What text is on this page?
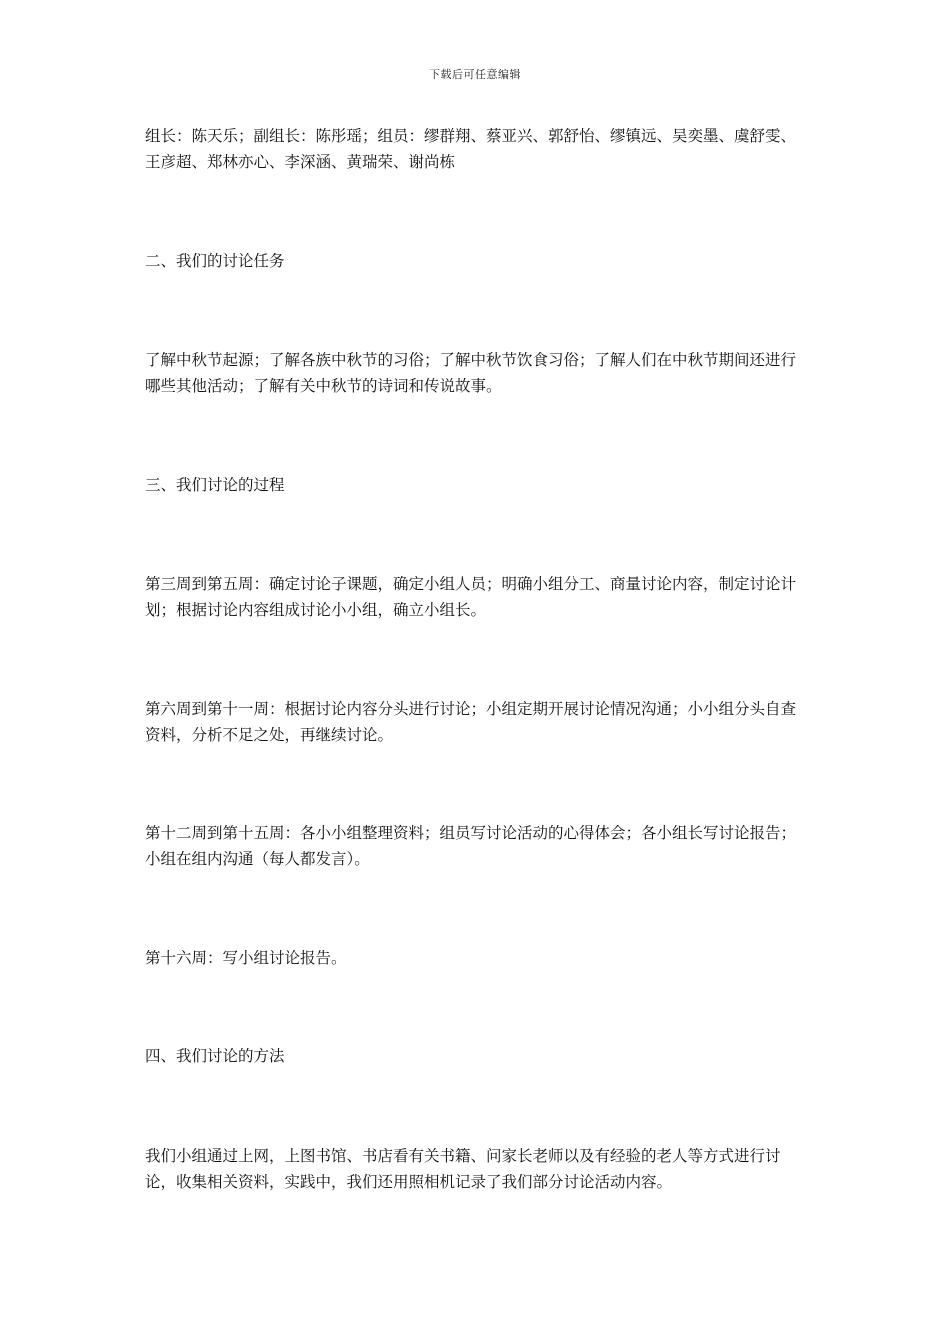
下载后可任意编辑

组长：陈天乐；副组长：陈彤瑶；组员：缪群翔、蔡亚兴、郭舒怡、缪镇远、吴奕墨、虞舒雯、王彦超、郑林亦心、李深涵、黄瑞荣、谢尚栋

二、我们的讨论任务

了解中秋节起源；了解各族中秋节的习俗；了解中秋节饮食习俗；了解人们在中秋节期间还进行哪些其他活动；了解有关中秋节的诗词和传说故事。

三、我们讨论的过程

第三周到第五周：确定讨论子课题，确定小组人员；明确小组分工、商量讨论内容，制定讨论计划；根据讨论内容组成讨论小小组，确立小组长。

第六周到第十一周：根据讨论内容分头进行讨论；小组定期开展讨论情况沟通；小小组分头自查资料，分析不足之处，再继续讨论。

第十二周到第十五周：各小小组整理资料；组员写讨论活动的心得体会；各小组长写讨论报告；小组在组内沟通（每人都发言）。

第十六周：写小组讨论报告。

四、我们讨论的方法

我们小组通过上网，上图书馆、书店看有关书籍、问家长老师以及有经验的老人等方式进行讨论，收集相关资料，实践中，我们还用照相机记录了我们部分讨论活动内容。
